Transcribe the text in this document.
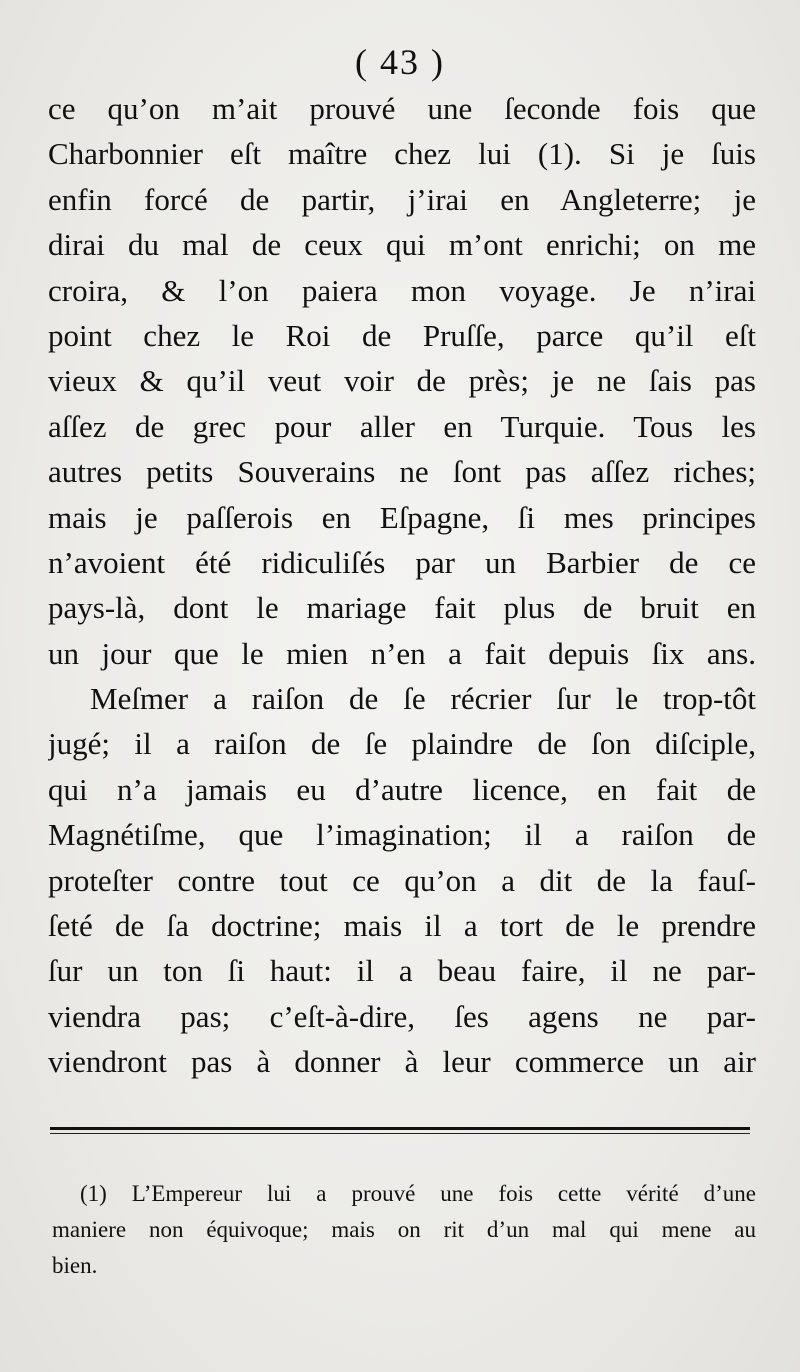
( 43 )
ce qu’on m’ait prouvé une ſeconde fois que
Charbonnier eſt maître chez lui (1). Si je ſuis
enfin forcé de partir, j’irai en Angleterre; je
dirai du mal de ceux qui m’ont enrichi; on me
croira, & l’on paiera mon voyage. Je n’irai
point chez le Roi de Pruſſe, parce qu’il eſt
vieux & qu’il veut voir de près; je ne ſais pas
aſſez de grec pour aller en Turquie. Tous les
autres petits Souverains ne ſont pas aſſez riches;
mais je paſſerois en Eſpagne, ſi mes principes
n’avoient été ridiculiſés par un Barbier de ce
pays-là, dont le mariage fait plus de bruit en
un jour que le mien n’en a fait depuis ſix ans.
Meſmer a raiſon de ſe récrier ſur le trop-tôt
jugé; il a raiſon de ſe plaindre de ſon diſciple,
qui n’a jamais eu d’autre licence, en fait de
Magnétiſme, que l’imagination; il a raiſon de
proteſter contre tout ce qu’on a dit de la fauſ-
ſeté de ſa doctrine; mais il a tort de le prendre
ſur un ton ſi haut: il a beau faire, il ne par-
viendra pas; c’eſt-à-dire, ſes agens ne par-
viendront pas à donner à leur commerce un air
(1) L’Empereur lui a prouvé une fois cette vérité d’une
maniere non équivoque; mais on rit d’un mal qui mene au
bien.
